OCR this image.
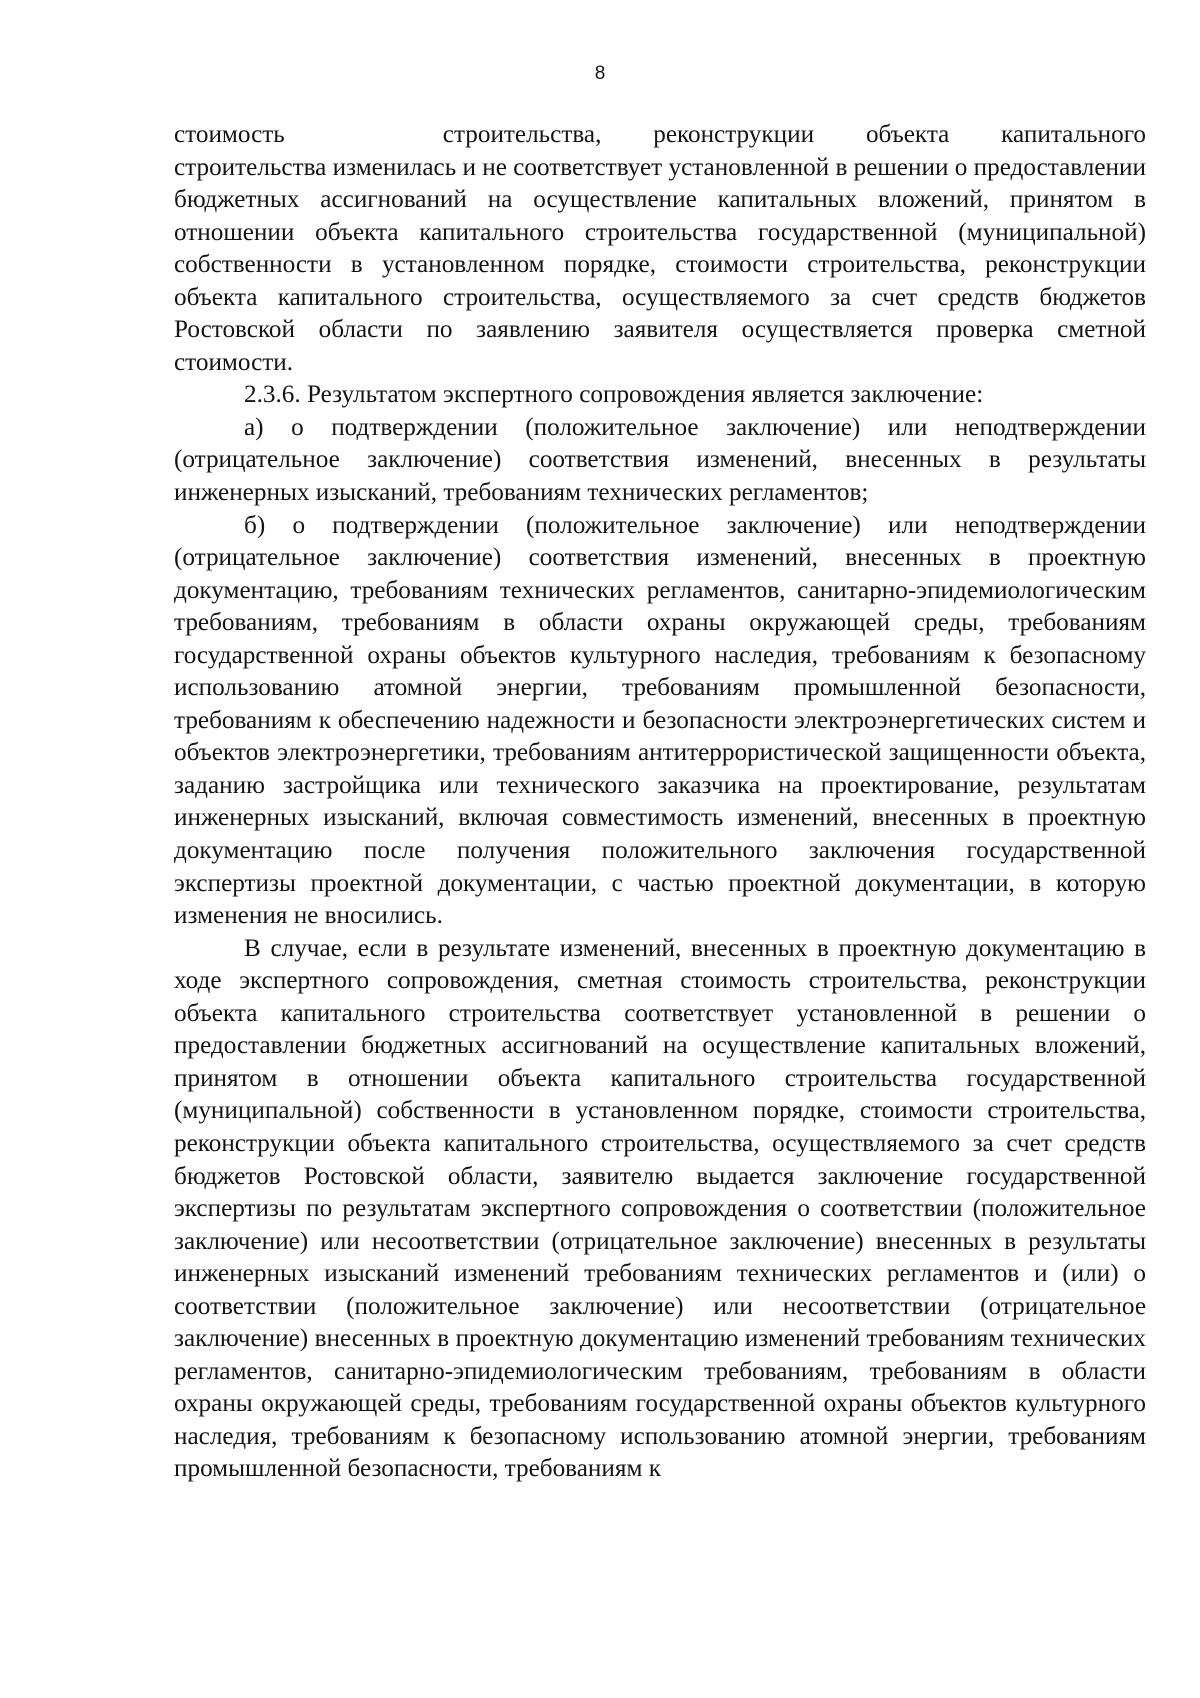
8

стоимость	строительства, реконструкции объекта капитального строительства изменилась и не соответствует установленной в решении о предоставлении бюджетных ассигнований на осуществление капитальных вложений, принятом в отношении объекта капитального строительства государственной (муниципальной) собственности в установленном порядке, стоимости строительства, реконструкции объекта капитального строительства, осуществляемого за счет средств бюджетов Ростовской области по заявлению заявителя осуществляется проверка сметной стоимости.

2.3.6. Результатом экспертного сопровождения является заключение:

а) о подтверждении (положительное заключение) или неподтверждении (отрицательное заключение) соответствия изменений, внесенных в результаты инженерных изысканий, требованиям технических регламентов;

б) о подтверждении (положительное заключение) или неподтверждении (отрицательное заключение) соответствия изменений, внесенных в проектную документацию, требованиям технических регламентов, санитарно-эпидемиологическим требованиям, требованиям в области охраны окружающей среды, требованиям государственной охраны объектов культурного наследия, требованиям к безопасному использованию атомной энергии, требованиям промышленной безопасности, требованиям к обеспечению надежности и безопасности электроэнергетических систем и объектов электроэнергетики, требованиям антитеррористической защищенности объекта, заданию застройщика или технического заказчика на проектирование, результатам инженерных изысканий, включая совместимость изменений, внесенных в проектную документацию после получения положительного заключения государственной экспертизы проектной документации, с частью проектной документации, в которую изменения не вносились.

В случае, если в результате изменений, внесенных в проектную документацию в ходе экспертного сопровождения, сметная стоимость строительства, реконструкции объекта капитального строительства соответствует установленной в решении о предоставлении бюджетных ассигнований на осуществление капитальных вложений, принятом в отношении объекта капитального строительства государственной (муниципальной) собственности в установленном порядке, стоимости строительства, реконструкции объекта капитального строительства, осуществляемого за счет средств бюджетов Ростовской области, заявителю выдается заключение государственной экспертизы по результатам экспертного сопровождения о соответствии (положительное заключение) или несоответствии (отрицательное заключение) внесенных в результаты инженерных изысканий изменений требованиям технических регламентов и (или) о соответствии (положительное заключение) или несоответствии (отрицательное заключение) внесенных в проектную документацию изменений требованиям технических регламентов, санитарно-эпидемиологическим требованиям, требованиям в области охраны окружающей среды, требованиям государственной охраны объектов культурного наследия, требованиям к безопасному использованию атомной энергии, требованиям промышленной безопасности, требованиям к
